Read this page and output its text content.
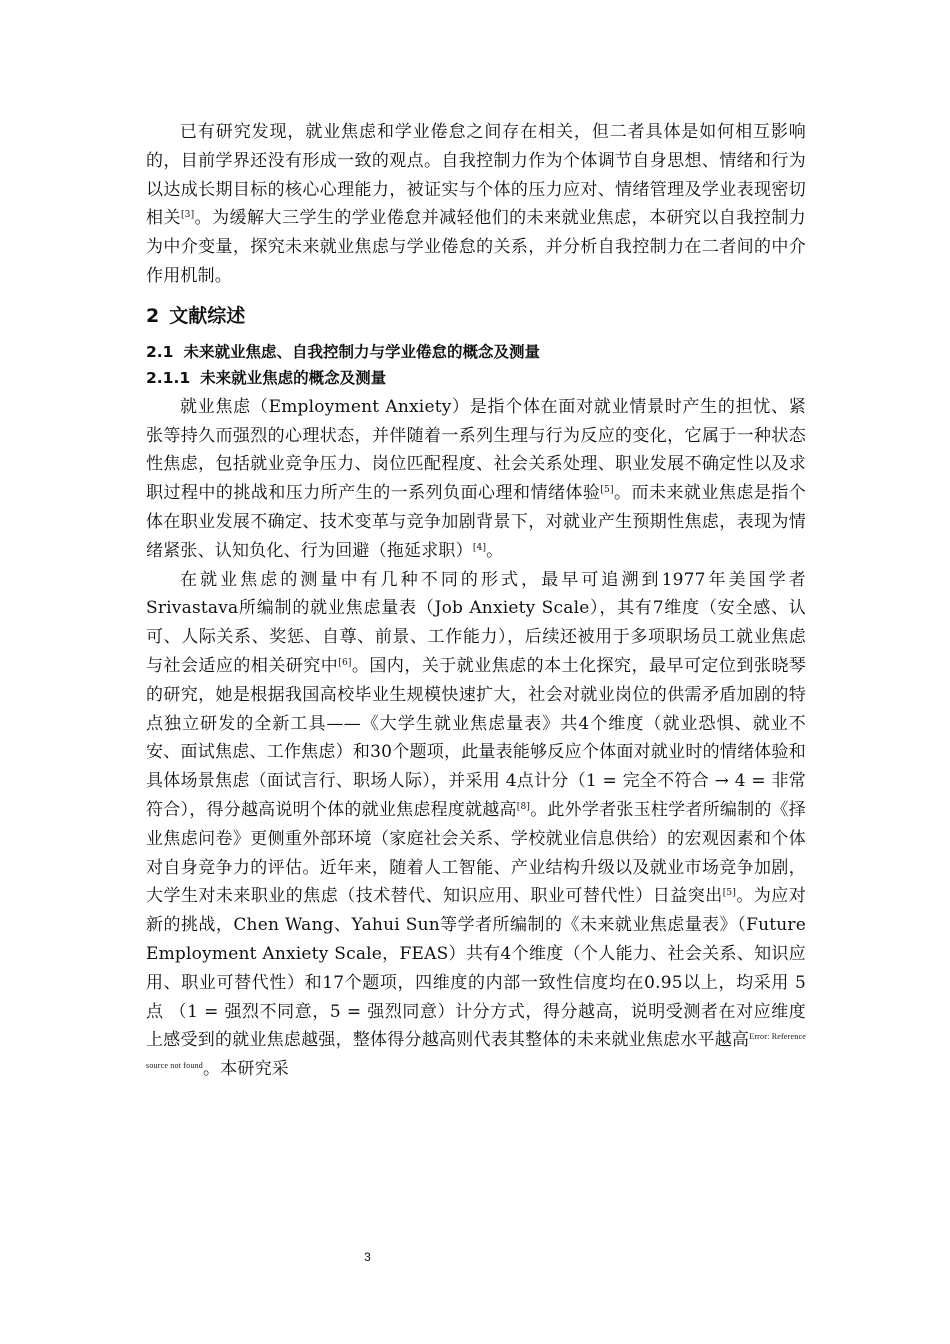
已有研究发现，就业焦虑和学业倦怠之间存在相关，但二者具体是如何相互影响的，目前学界还没有形成一致的观点。自我控制力作为个体调节自身思想、情绪和行为以达成长期目标的核心心理能力，被证实与个体的压力应对、情绪管理及学业表现密切相关[3]。为缓解大三学生的学业倦怠并减轻他们的未来就业焦虑，本研究以自我控制力为中介变量，探究未来就业焦虑与学业倦怠的关系，并分析自我控制力在二者间的中介作用机制。

2 文献综述
2.1 未来就业焦虑、自我控制力与学业倦怠的概念及测量
2.1.1 未来就业焦虑的概念及测量

就业焦虑（Employment Anxiety）是指个体在面对就业情景时产生的担忧、紧张等持久而强烈的心理状态，并伴随着一系列生理与行为反应的变化，它属于一种状态性焦虑，包括就业竞争压力、岗位匹配程度、社会关系处理、职业发展不确定性以及求职过程中的挑战和压力所产生的一系列负面心理和情绪体验[5]。而未来就业焦虑是指个体在职业发展不确定、技术变革与竞争加剧背景下，对就业产生预期性焦虑，表现为情绪紧张、认知负化、行为回避（拖延求职）[4]。

在就业焦虑的测量中有几种不同的形式，最早可追溯到1977年美国学者Srivastava所编制的就业焦虑量表（Job Anxiety Scale），其有7维度（安全感、认可、人际关系、奖惩、自尊、前景、工作能力），后续还被用于多项职场员工就业焦虑与社会适应的相关研究中[6]。国内，关于就业焦虑的本土化探究，最早可定位到张晓琴的研究，她是根据我国高校毕业生规模快速扩大，社会对就业岗位的供需矛盾加剧的特点独立研发的全新工具——《大学生就业焦虑量表》共4个维度（就业恐惧、就业不安、面试焦虑、工作焦虑）和30个题项，此量表能够反应个体面对就业时的情绪体验和具体场景焦虑（面试言行、职场人际），并采用 4点计分（1 = 完全不符合 → 4 = 非常符合），得分越高说明个体的就业焦虑程度就越高[8]。此外学者张玉柱学者所编制的《择业焦虑问卷》更侧重外部环境（家庭社会关系、学校就业信息供给）的宏观因素和个体对自身竞争力的评估。近年来，随着人工智能、产业结构升级以及就业市场竞争加剧，大学生对未来职业的焦虑（技术替代、知识应用、职业可替代性）日益突出[5]。为应对新的挑战，Chen Wang、Yahui Sun等学者所编制的《未来就业焦虑量表》（Future Employment Anxiety Scale，FEAS）共有4个维度（个人能力、社会关系、知识应用、职业可替代性）和17个题项，四维度的内部一致性信度均在0.95以上，均采用 5点 （1 = 强烈不同意，5 = 强烈同意）计分方式，得分越高，说明受测者在对应维度上感受到的就业焦虑越强，整体得分越高则代表其整体的未来就业焦虑水平越高$^{Error: Reference source not found}$。本研究采

3
